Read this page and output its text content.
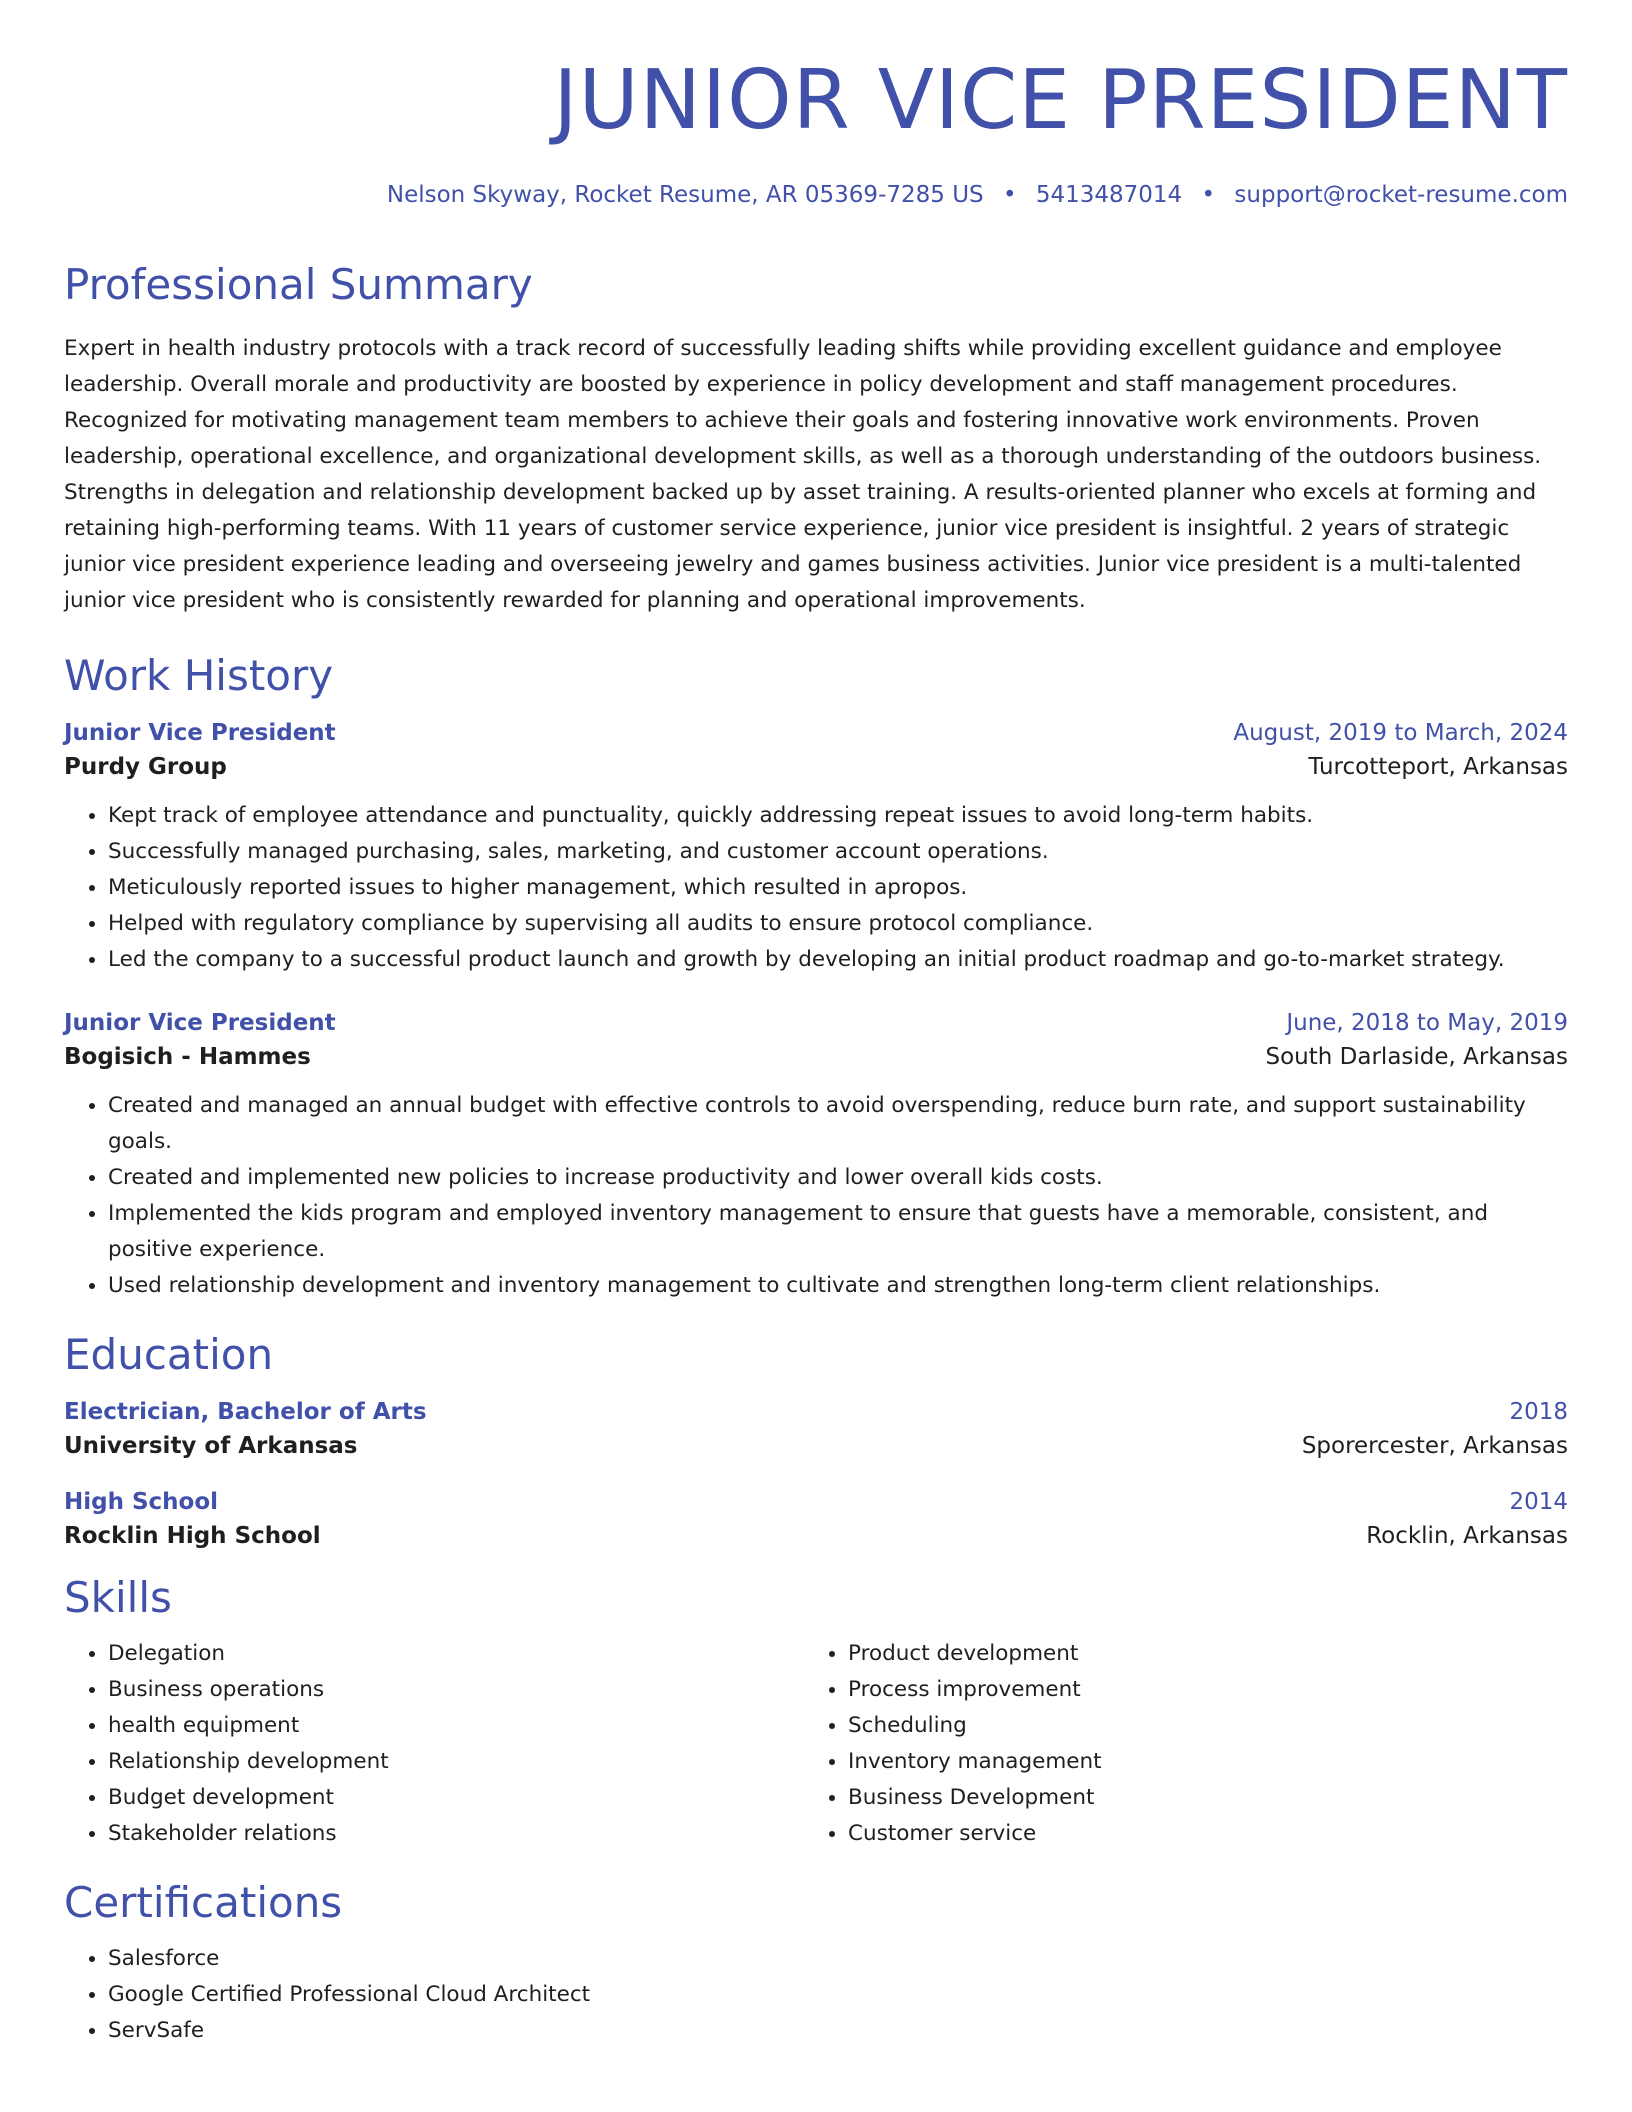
JUNIOR VICE PRESIDENT
Nelson Skyway, Rocket Resume, AR 05369-7285 US • 5413487014 • support@rocket-resume.com
Professional Summary
Expert in health industry protocols with a track record of successfully leading shifts while providing excellent guidance and employee leadership. Overall morale and productivity are boosted by experience in policy development and staff management procedures. Recognized for motivating management team members to achieve their goals and fostering innovative work environments. Proven leadership, operational excellence, and organizational development skills, as well as a thorough understanding of the outdoors business. Strengths in delegation and relationship development backed up by asset training. A results-oriented planner who excels at forming and retaining high-performing teams. With 11 years of customer service experience, junior vice president is insightful. 2 years of strategic junior vice president experience leading and overseeing jewelry and games business activities. Junior vice president is a multi-talented junior vice president who is consistently rewarded for planning and operational improvements.
Work History
Junior Vice President	August, 2019 to March, 2024
Purdy Group	Turcotteport, Arkansas
• Kept track of employee attendance and punctuality, quickly addressing repeat issues to avoid long-term habits.
• Successfully managed purchasing, sales, marketing, and customer account operations.
• Meticulously reported issues to higher management, which resulted in apropos.
• Helped with regulatory compliance by supervising all audits to ensure protocol compliance.
• Led the company to a successful product launch and growth by developing an initial product roadmap and go-to-market strategy.
Junior Vice President	June, 2018 to May, 2019
Bogisich - Hammes	South Darlaside, Arkansas
• Created and managed an annual budget with effective controls to avoid overspending, reduce burn rate, and support sustainability goals.
• Created and implemented new policies to increase productivity and lower overall kids costs.
• Implemented the kids program and employed inventory management to ensure that guests have a memorable, consistent, and positive experience.
• Used relationship development and inventory management to cultivate and strengthen long-term client relationships.
Education
Electrician, Bachelor of Arts	2018
University of Arkansas	Sporercester, Arkansas
High School	2014
Rocklin High School	Rocklin, Arkansas
Skills
• Delegation
• Business operations
• health equipment
• Relationship development
• Budget development
• Stakeholder relations
• Product development
• Process improvement
• Scheduling
• Inventory management
• Business Development
• Customer service
Certifications
• Salesforce
• Google Certified Professional Cloud Architect
• ServSafe
